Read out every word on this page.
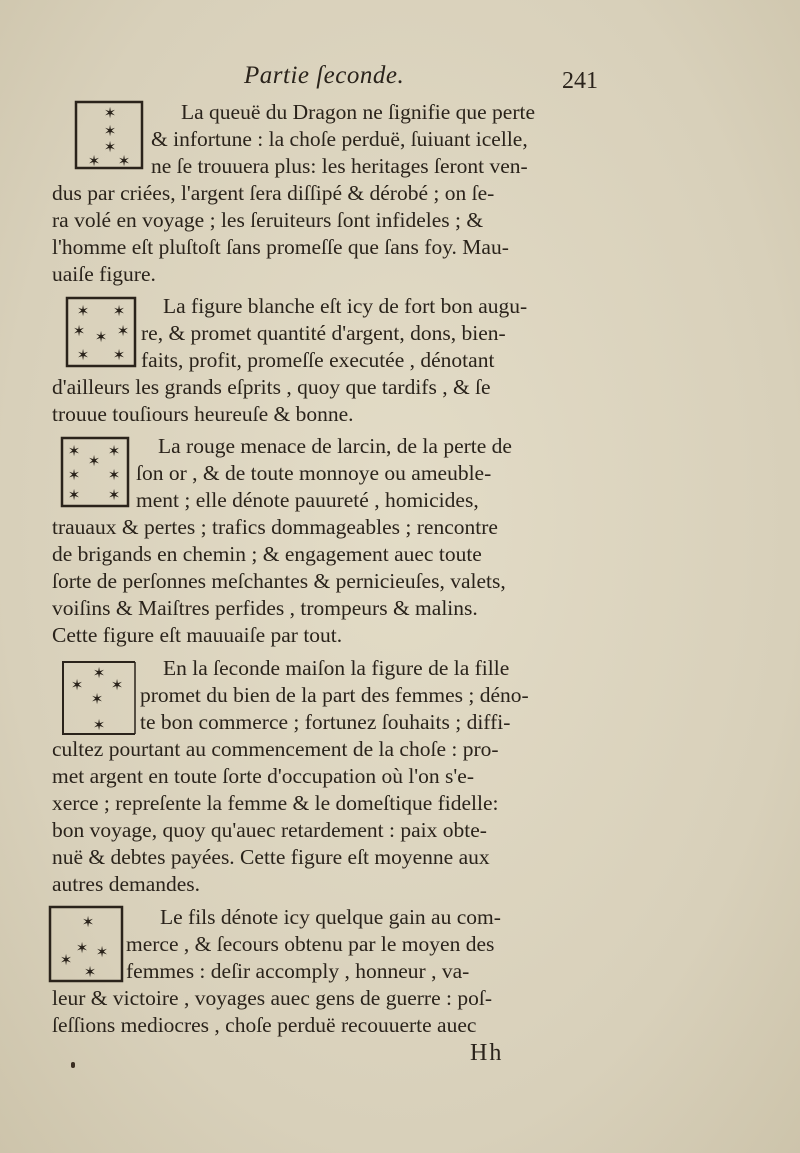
Partie ſeconde.	241
La queuë du Dragon ne ſignifie que perte
& infortune : la choſe perduë, ſuiuant icelle,
ne ſe trouuera plus: les heritages ſeront ven-
dus par criées, l'argent ſera diſſipé & dérobé ; on ſe-
ra volé en voyage ; les ſeruiteurs ſont infideles ; &
l'homme eſt pluſtoſt ſans promeſſe que ſans foy. Mau-
uaiſe figure.
La figure blanche eſt icy de fort bon augu-
re, & promet quantité d'argent, dons, bien-
faits, profit, promeſſe executée , dénotant
d'ailleurs les grands eſprits , quoy que tardifs , & ſe
trouue touſiours heureuſe & bonne.
La rouge menace de larcin, de la perte de
ſon or , & de toute monnoye ou ameuble-
ment ; elle dénote pauureté , homicides,
trauaux & pertes ; trafics dommageables ; rencontre
de brigands en chemin ; & engagement auec toute
ſorte de perſonnes meſchantes & pernicieuſes, valets,
voiſins & Maiſtres perfides , trompeurs & malins.
Cette figure eſt mauuaiſe par tout.
En la ſeconde maiſon la figure de la fille
promet du bien de la part des femmes ; déno-
te bon commerce ; fortunez ſouhaits ; diffi-
cultez pourtant au commencement de la choſe : pro-
met argent en toute ſorte d'occupation où l'on s'e-
xerce ; repreſente la femme & le domeſtique fidelle:
bon voyage, quoy qu'auec retardement : paix obte-
nuë & debtes payées. Cette figure eſt moyenne aux
autres demandes.
Le fils dénote icy quelque gain au com-
merce , & ſecours obtenu par le moyen des
femmes : deſir accomply , honneur , va-
leur & victoire , voyages auec gens de guerre : poſ-
ſeſſions mediocres , choſe perduë recouuerte auec
✶
✶
✶
✶ ✶
✶ ✶
✶ ✶ ✶
✶ ✶
✶ ✶
✶
✶ ✶
✶ ✶
✶
✶ ✶
✶
✶
✶
✶ ✶
✶
✶
Hh
